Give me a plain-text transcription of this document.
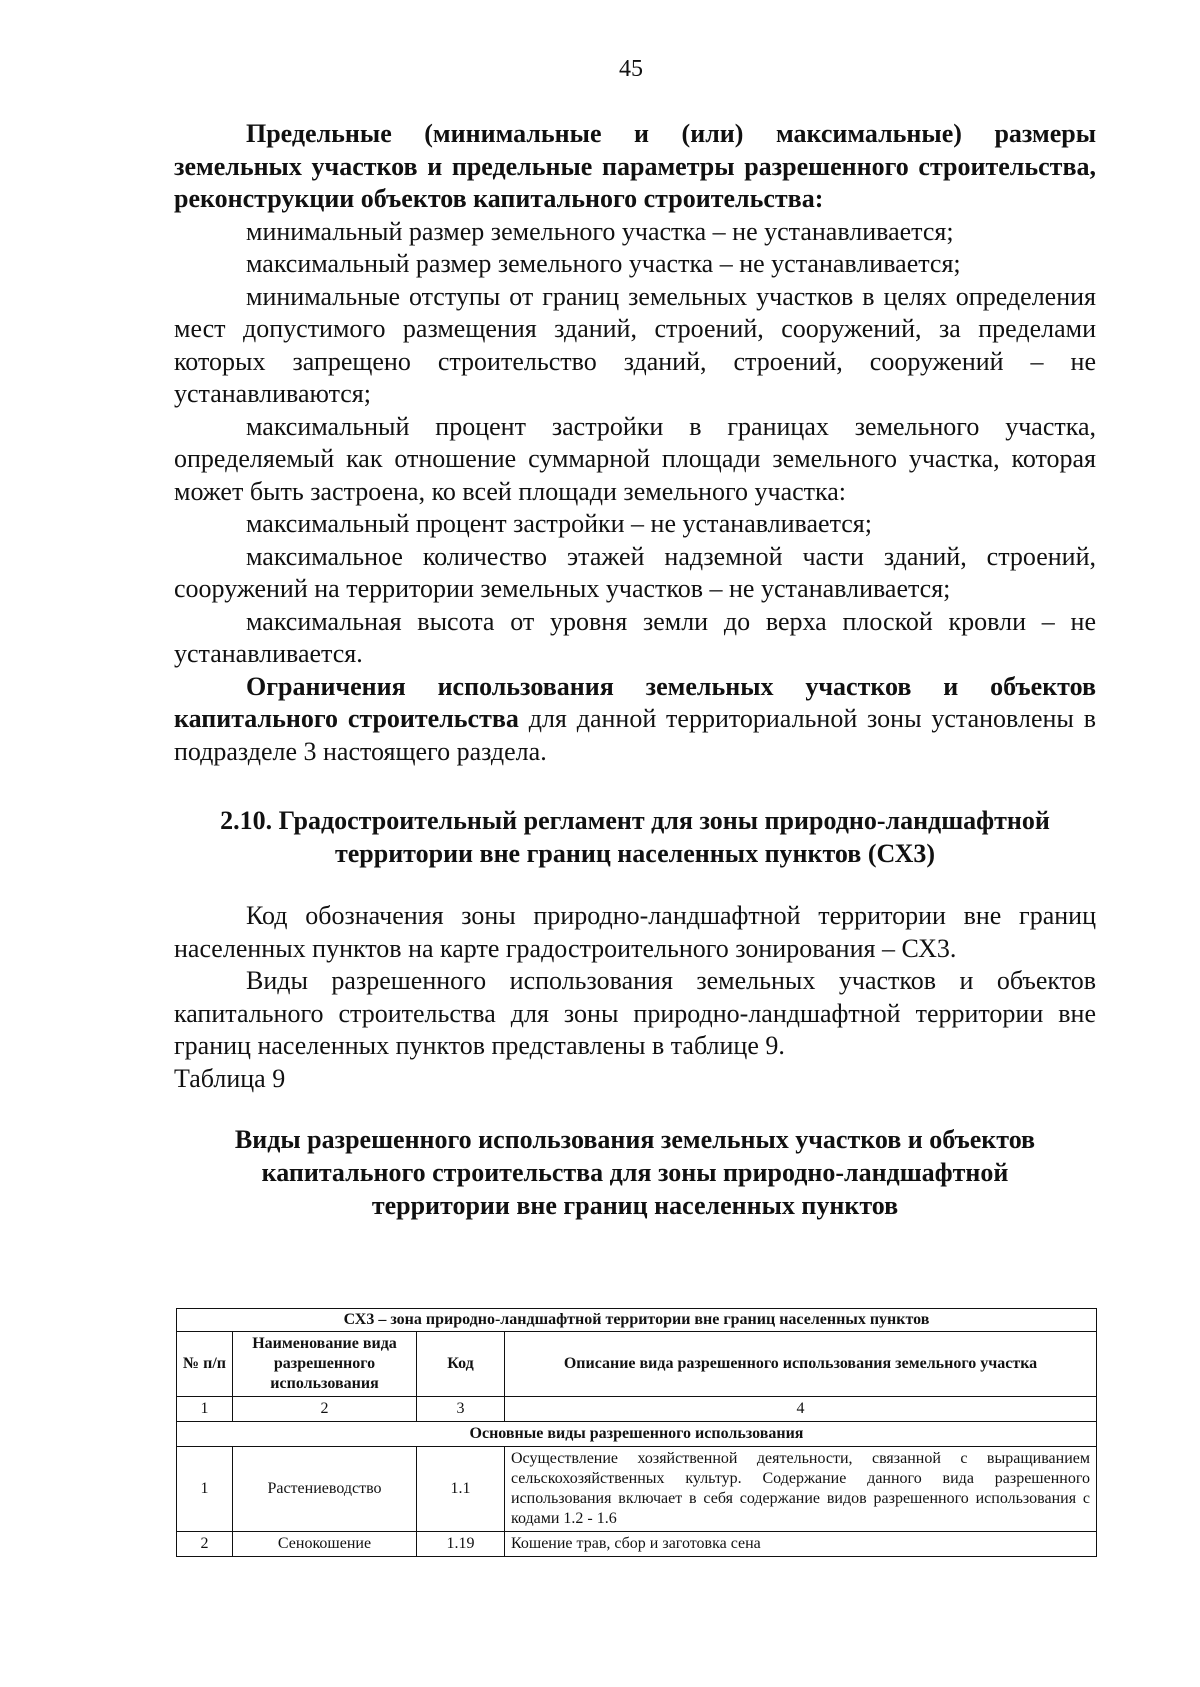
45

Предельные (минимальные и (или) максимальные) размеры земельных участков и предельные параметры разрешенного строительства, реконструкции объектов капитального строительства:

минимальный размер земельного участка – не устанавливается;

максимальный размер земельного участка – не устанавливается;

минимальные отступы от границ земельных участков в целях определения мест допустимого размещения зданий, строений, сооружений, за пределами которых запрещено строительство зданий, строений, сооружений – не устанавливаются;

максимальный процент застройки в границах земельного участка, определяемый как отношение суммарной площади земельного участка, которая может быть застроена, ко всей площади земельного участка:

максимальный процент застройки – не устанавливается;

максимальное количество этажей надземной части зданий, строений, сооружений на территории земельных участков – не устанавливается;

максимальная высота от уровня земли до верха плоской кровли – не устанавливается.

Ограничения использования земельных участков и объектов капитального строительства для данной территориальной зоны установлены в подразделе 3 настоящего раздела.

2.10. Градостроительный регламент для зоны природно-ландшафтной
территории вне границ населенных пунктов (СХ3)

Код обозначения зоны природно-ландшафтной территории вне границ населенных пунктов на карте градостроительного зонирования – СХ3.

Виды разрешенного использования земельных участков и объектов капитального строительства для зоны природно-ландшафтной территории вне границ населенных пунктов представлены в таблице 9.

Таблица 9

Виды разрешенного использования земельных участков и объектов
капитального строительства для зоны природно-ландшафтной
территории вне границ населенных пунктов
СХ3 – зона природно-ландшафтной территории вне границ населенных пунктов			
№ п/п	Наименование вида разрешенного использования	Код	Описание вида разрешенного использования земельного участка
1	2	3	4
Основные виды разрешенного использования			
1	Растениеводство	1.1	Осуществление хозяйственной деятельности, связанной с выращиванием сельскохозяйственных культур. Содержание данного вида разрешенного использования включает в себя содержание видов разрешенного использования с кодами 1.2 - 1.6
2	Сенокошение	1.19	Кошение трав, сбор и заготовка сена
